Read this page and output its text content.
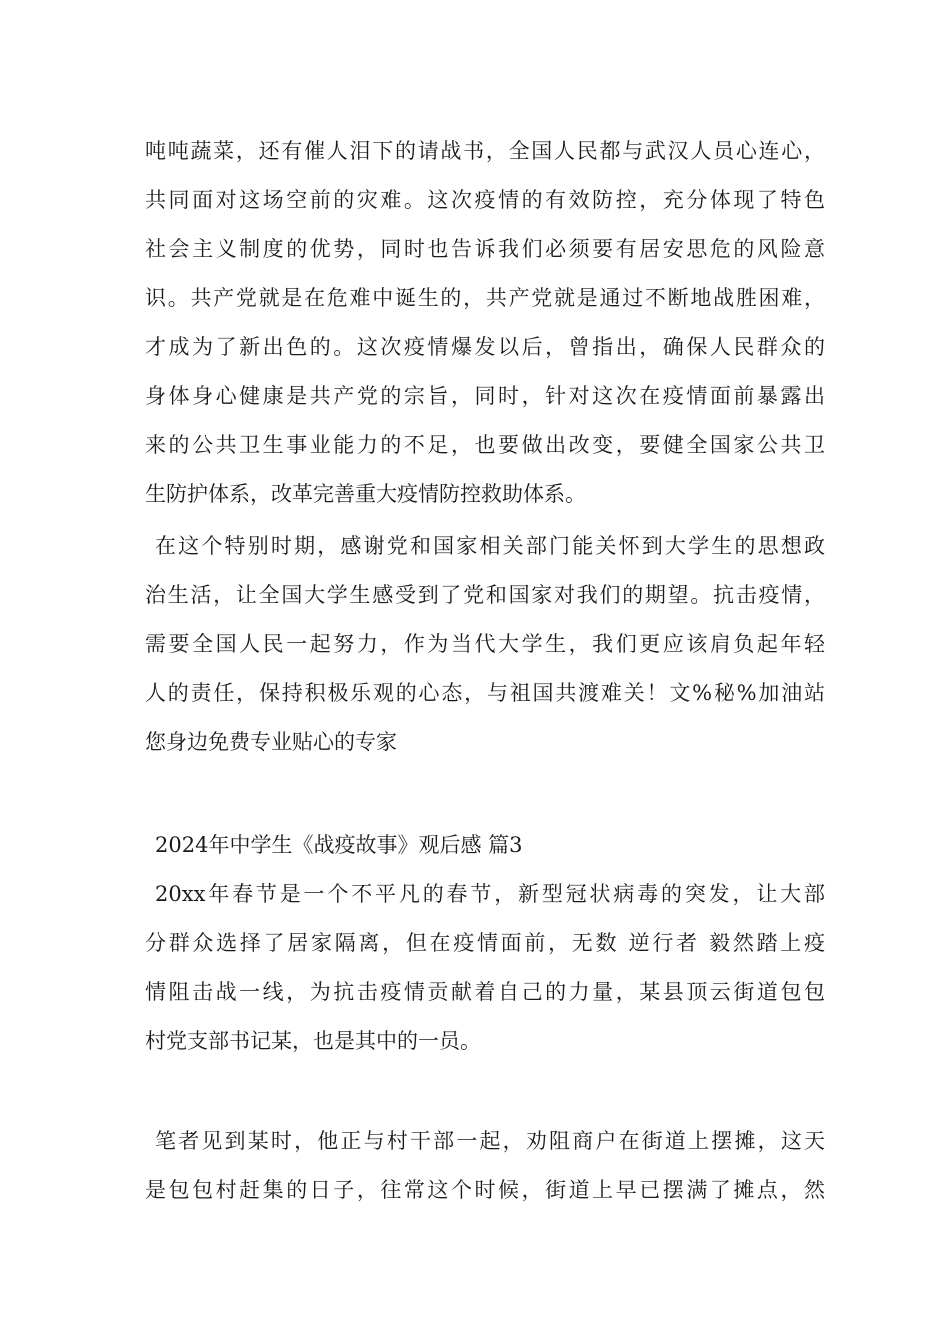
吨吨蔬菜，还有催人泪下的请战书，全国人民都与武汉人员心连心，
共同面对这场空前的灾难。这次疫情的有效防控，充分体现了特色
社会主义制度的优势，同时也告诉我们必须要有居安思危的风险意
识。共产党就是在危难中诞生的，共产党就是通过不断地战胜困难，
才成为了新出色的。这次疫情爆发以后，曾指出，确保人民群众的
身体身心健康是共产党的宗旨，同时，针对这次在疫情面前暴露出
来的公共卫生事业能力的不足，也要做出改变，要健全国家公共卫
生防护体系，改革完善重大疫情防控救助体系。
在这个特别时期，感谢党和国家相关部门能关怀到大学生的思想政
治生活，让全国大学生感受到了党和国家对我们的期望。抗击疫情，
需要全国人民一起努力，作为当代大学生，我们更应该肩负起年轻
人的责任，保持积极乐观的心态，与祖国共渡难关！文%秘%加油站
您身边免费专业贴心的专家
2024年中学生《战疫故事》观后感 篇3
20xx年春节是一个不平凡的春节，新型冠状病毒的突发，让大部
分群众选择了居家隔离，但在疫情面前，无数 逆行者 毅然踏上疫
情阻击战一线，为抗击疫情贡献着自己的力量，某县顶云街道包包
村党支部书记某，也是其中的一员。
笔者见到某时，他正与村干部一起，劝阻商户在街道上摆摊，这天
是包包村赶集的日子，往常这个时候，街道上早已摆满了摊点，然
